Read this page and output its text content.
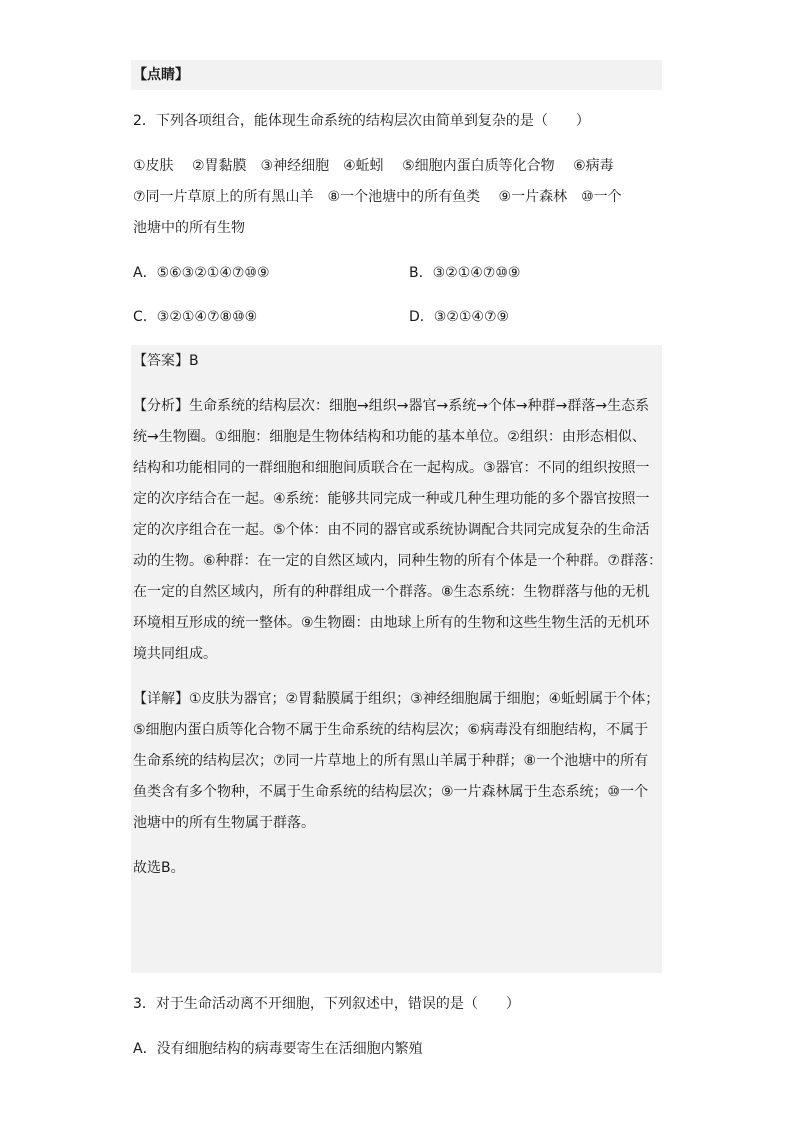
【点睛】
2．下列各项组合，能体现生命系统的结构层次由简单到复杂的是（　　）
①皮肤　 ②胃黏膜　③神经细胞　④蚯蚓　 ⑤细胞内蛋白质等化合物　 ⑥病毒
⑦同一片草原上的所有黑山羊　⑧一个池塘中的所有鱼类　 ⑨一片森林　⑩一个
池塘中的所有生物
A．⑤⑥③②①④⑦⑩⑨	B．③②①④⑦⑩⑨
C．③②①④⑦⑧⑩⑨	D．③②①④⑦⑨
【答案】B
【分析】生命系统的结构层次：细胞→组织→器官→系统→个体→种群→群落→生态系
统→生物圈。①细胞：细胞是生物体结构和功能的基本单位。②组织：由形态相似、
结构和功能相同的一群细胞和细胞间质联合在一起构成。③器官：不同的组织按照一
定的次序结合在一起。④系统：能够共同完成一种或几种生理功能的多个器官按照一
定的次序组合在一起。⑤个体：由不同的器官或系统协调配合共同完成复杂的生命活
动的生物。⑥种群：在一定的自然区域内，同种生物的所有个体是一个种群。⑦群落：
在一定的自然区域内，所有的种群组成一个群落。⑧生态系统：生物群落与他的无机
环境相互形成的统一整体。⑨生物圈：由地球上所有的生物和这些生物生活的无机环
境共同组成。
【详解】①皮肤为器官；②胃黏膜属于组织；③神经细胞属于细胞；④蚯蚓属于个体；
⑤细胞内蛋白质等化合物不属于生命系统的结构层次；⑥病毒没有细胞结构，不属于
生命系统的结构层次；⑦同一片草地上的所有黑山羊属于种群；⑧一个池塘中的所有
鱼类含有多个物种，不属于生命系统的结构层次；⑨一片森林属于生态系统；⑩一个
池塘中的所有生物属于群落。
故选B。
3．对于生命活动离不开细胞，下列叙述中，错误的是（　　）
A．没有细胞结构的病毒要寄生在活细胞内繁殖
